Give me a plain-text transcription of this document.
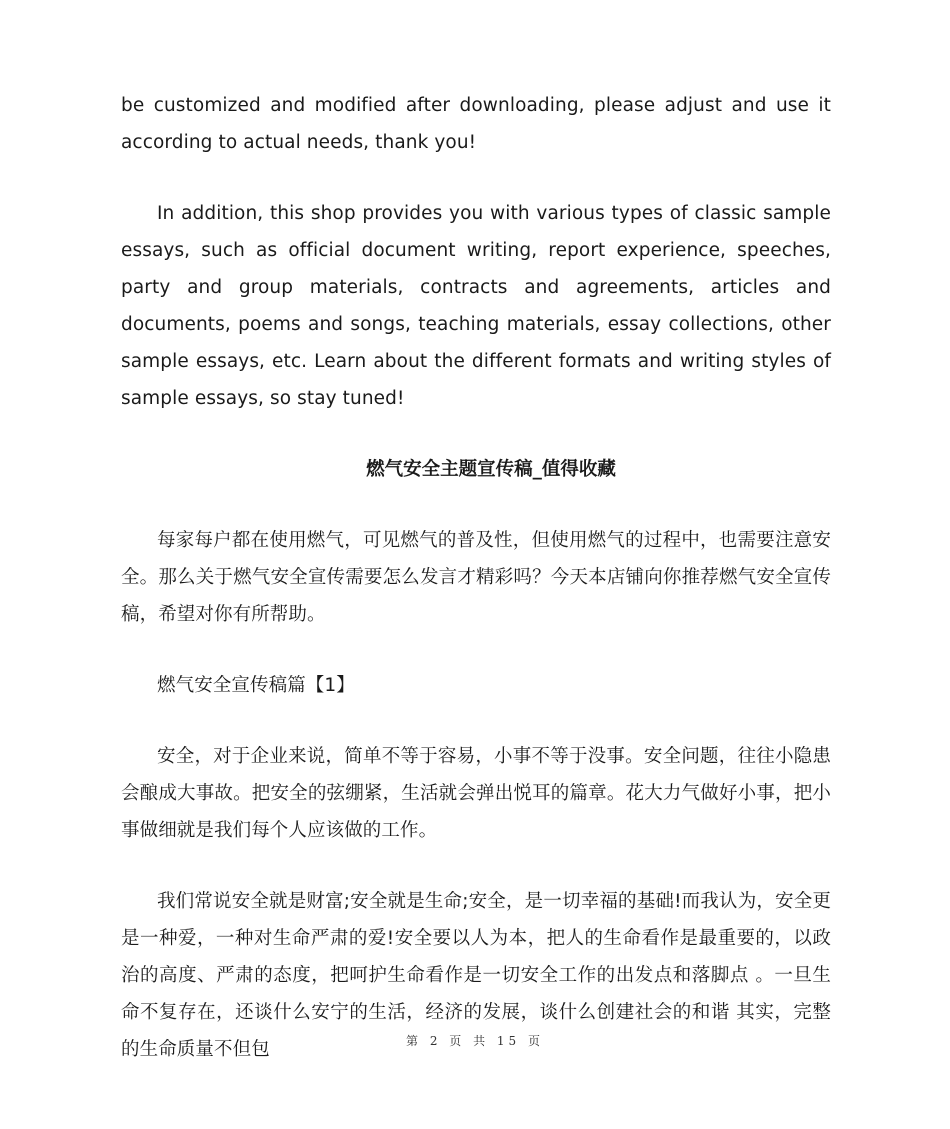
be customized and modified after downloading, please adjust and use it according to actual needs, thank you!

In addition, this shop provides you with various types of classic sample essays, such as official document writing, report experience, speeches, party and group materials, contracts and agreements, articles and documents, poems and songs, teaching materials, essay collections, other sample essays, etc. Learn about the different formats and writing styles of sample essays, so stay tuned!

燃气安全主题宣传稿_值得收藏

每家每户都在使用燃气，可见燃气的普及性，但使用燃气的过程中，也需要注意安全。那么关于燃气安全宣传需要怎么发言才精彩吗？今天本店铺向你推荐燃气安全宣传稿，希望对你有所帮助。

燃气安全宣传稿篇【1】

安全，对于企业来说，简单不等于容易，小事不等于没事。安全问题，往往小隐患会酿成大事故。把安全的弦绷紧，生活就会弹出悦耳的篇章。花大力气做好小事，把小事做细就是我们每个人应该做的工作。

我们常说安全就是财富;安全就是生命;安全，是一切幸福的基础!而我认为，安全更是一种爱，一种对生命严肃的爱!安全要以人为本，把人的生命看作是最重要的，以政治的高度、严肃的态度，把呵护生命看作是一切安全工作的出发点和落脚点 。一旦生命不复存在，还谈什么安宁的生活，经济的发展，谈什么创建社会的和谐 其实，完整的生命质量不但包	第 2 页 共 15 页
